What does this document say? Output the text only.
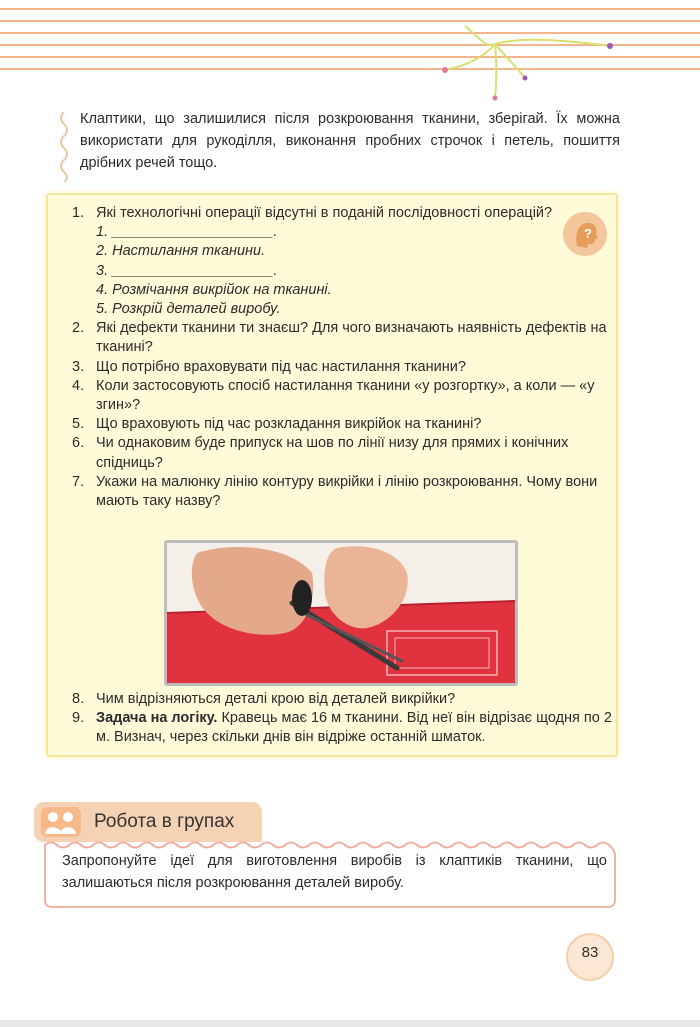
Клаптики, що залишилися після розкроювання тканини, зберігай. Їх можна використати для рукоділля, виконання пробних строчок і петель, пошиття дрібних речей тощо.
?
1. Які технологічні операції відсутні в поданій послідовності операцій?
1. ____________________.
2. Настилання тканини.
3. ____________________.
4. Розмічання викрійок на тканині.
5. Розкрій деталей виробу.
2. Які дефекти тканини ти знаєш? Для чого визначають наявність дефектів на тканині?
3. Що потрібно враховувати під час настилання тканини?
4. Коли застосовують спосіб настилання тканини «у розгортку», а коли — «у згин»?
5. Що враховують під час розкладання викрійок на тканині?
6. Чи однаковим буде припуск на шов по лінії низу для прямих і конічних спідниць?
7. Укажи на малюнку лінію контуру викрійки і лінію розкроювання. Чому вони мають таку назву?
8. Чим відрізняються деталі крою від деталей викрійки?
9. Задача на логіку. Кравець має 16 м тканини. Від неї він відрізає щодня по 2 м. Визнач, через скільки днів він відріже останній шматок.
Робота в групах
Запропонуйте ідеї для виготовлення виробів із клаптиків тканини, що залишаються після розкроювання деталей виробу.
83
